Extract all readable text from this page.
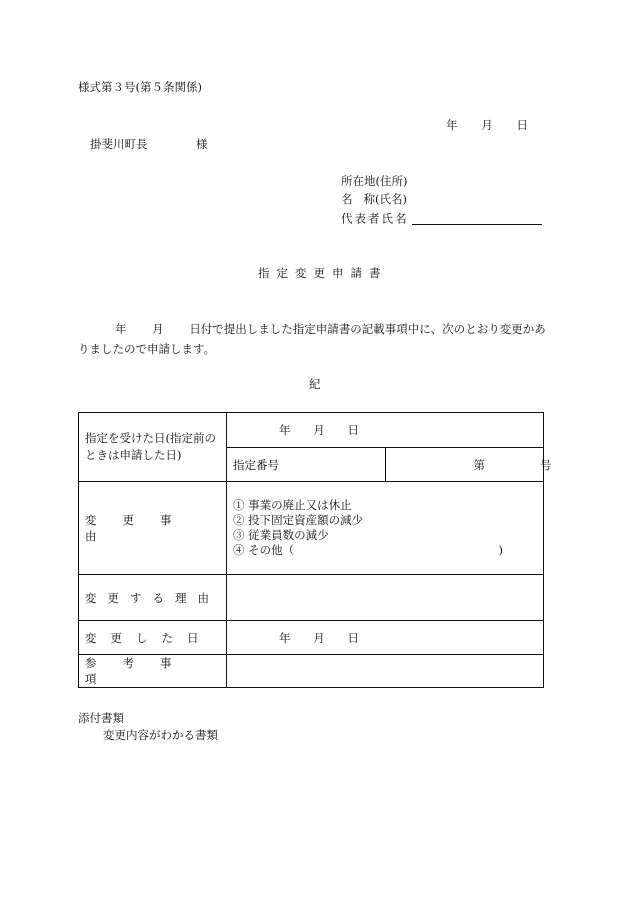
様式第３号(第５条関係)
年 月 日
掛斐川町長	様
所在地(住所)
名 称(氏名)
代表者氏名
指定変更申請書
年 月 日付で提出しました指定申請書の記載事項中に、次のとおり変更かあ
りましたので申請します。
紀
指定を受けた日(指定前のときは申請した日)	年 月 日	

	指定番号	第 号

変更事由	① 事業の廃止又は休止
② 投下固定資産額の減少
③ 従業員数の減少
④ その他（ )	

変更する理由		
変更した日	年 月 日	

参考事項		
添付書類
変更内容がわかる書類
